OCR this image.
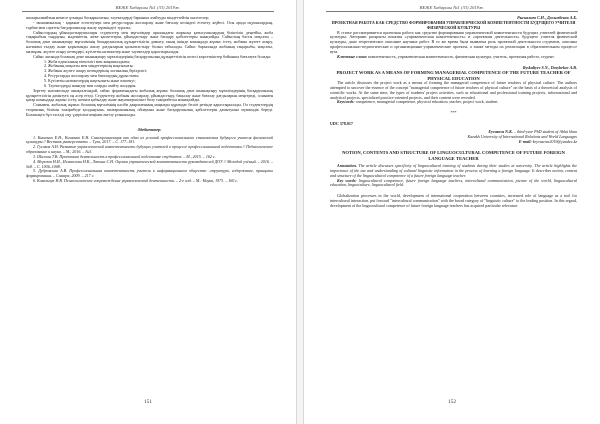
ВЕЖЕ Хабаршы №1 (33) 2019ж.

жасырылмайтын немесе ұтымды басқарылатын, тәуекелдерді барынша азайтуды міндеттейтін мәселелер;

- экономикалық - қаражат есептеулері мен ресурстарды жоспарлау және бағалау кезіндегі есептеу жүйесі. Осы арада оқушылардың, тәрбие мен сауатты бағдарламалар жасау мүмкіндігі туралы;

Сайыстардың ұйымдастырушылары студенттер мен мұғалімдер арасындағы жарысқа қатысушылардың біліктілік деңгейін, жоба тақырыбын таңдауын, мәдениетін, жеке қасиеттерін, ұйымдастыру және басқару қабілеттерін анықтайды. Сайыстың басты мақсаты – болашақ дене шынықтыру мұғалімінің басқарушылық құзыреттілігін дамыту, оның ішінде командада жұмыс істеу, жобаны жүзеге асыру, нәтижені талдау және қорытынды жасау дағдыларын қалыптастыру болып табылады. Сайыс барысында жобаның тақырыбы, мақсаты, мазмұны, жүзеге асыру кезеңдері, күтілетін нәтижелер және тәуекелдер қарастырылады.

Сайыс аясында болашақ дене шынықтыру мұғалімдерінің басқарушылық құзыреттілігін келесі көрсеткіштер бойынша бағалауға болады:

1. Жоба идеясының өзектілігі мен жаңашылдығы;
2. Жобаның мақсаты мен міндеттерінің нақтылығы;
3. Жобаны жүзеге асыру кезеңдерінің логикалық бірізділігі;
4. Ресурстарды жоспарлау мен бағалаудың дұрыстығы;
5. Күтілетін нәтижелердің нақтылығы және өлшенуі;
6. Тәуекелдерді анықтау мен оларды азайту жолдары.

Зерттеу нәтижесінде анықталғандай, сайыс форматындағы жобалық жұмыс болашақ дене шынықтыру мұғалімдерінің басқарушылық құзыреттілігін дамытуға оң әсер етеді. Студенттер жобаны жоспарлау, ұйымдастыру, бақылау және бағалау дағдыларын меңгереді, сонымен қатар командада жұмыс істеу, шешім қабылдау және жауапкершілікті бөлу тәжірибесін жинақтайды.

Сонымен, жобалық жұмыс болашақ мұғалімнің кәсіби даярлығының маңызды құрамдас бөлігі ретінде қарастырылады. Ол студенттердің теориялық білімін тәжірибеде қолдануына, шығармашылық ойлауына және басқарушылық қабілеттерін дамытуына мүмкіндік береді. Болашақта бұл тәсілді оқу үдерісіне кеңінен енгізу ұсынылады.

Әдебиеттер:

1. Кишенко Е.Н., Кишенко Е.Н. Самоорганизация как одно из условий профессионального становления будущего учителя физической культуры // Вестник университета. – Тула, 2017. – С. 177–181.

2. Гусаков А.Н. Развитие управленческой компетентности будущих учителей в процессе профессиональной подготовки // Педагогическое образование и наука. – М., 2016. – №3.

3. Шилова Т.В. Проектная деятельность в профессиональной подготовке студентов. – М., 2015. – 162 с.

4. Морозов Н.И., Исмаилова Н.К., Лапина С.Н. Оценка управленческой компетентности руководителей ДОУ // Молодой учёный. – 2016. – №8. – С. 1006–1008.

5. Дубровская А.В. Профессиональная компетентность учителя в информационном обществе: структура, содержание, принципы формирования. – Самара, 2009. – 217 с.

6. Ковальчук Н.В. Психологическое сопровождение управленческой деятельности. – 2-е изд. – М.: Наука, 1973. – 160 с.

151
ВЕЖЕ Хабаршы №1 (33) 2019ж.

Рыскалиев С.Н., Досымбеков А.Б.

ПРОЕКТНАЯ РАБОТА КАК СРЕДСТВО ФОРМИРОВАНИЯ УПРАВЛЕНЧЕСКОЙ КОМПЕТЕНТНОСТИ БУДУЩЕГО УЧИТЕЛЯ ФИЗИЧЕСКОЙ КУЛЬТУРЫ

В статье рассматривается проектная работа как средство формирования управленческой компетентности будущих учителей физической культуры. Авторами раскрыты понятия «управленческая компетентность» и «проектная деятельность» будущего учителя физической культуры, дано теоретическое описание научных работ. В то же время была выявлена роль проектной деятельности студентов, описаны профессионально-педагогические и организационно-управленческие проекты, а также методы их реализации в образовательном процессе вуза.

Ключевые слова: компетентность, управленческая компетентность, физическая культура, учитель, проектная работа, студент.

Ryskaliyev S.N., Dosybekov A.B.

PROJECT WORK AS A MEANS OF FORMING MANAGERIAL COMPETENCE OF THE FUTURE TEACHER OF PHYSICAL EDUCATION

The article discusses the project work as a means of forming the managerial competence of future teachers of physical culture. The authors attempted to uncover the essence of the concept "managerial competence of future teachers of physical culture" on the basis of a theoretical analysis of scientific works. At the same time, the types of students' project activities, such as educational and professional training projects, informational and analytical projects, specialized practice-oriented projects, and their content were revealed.

Keywords: competence, managerial competence, physical education, teacher, project work, student.

***

UDC 378.017

Eyvazova N.K. – third-year PhD student of Ablai khan

Kazakh University of International Relations and World Languages

E-mail: keyvazova2019@yandex.kz

NOTION, CONTENTS AND STRUCTURE OF LINGUOCULTURAL COMPETENCE OF FUTURE FOREIGN LANGUAGE TEACHER

Annotation. The article discusses specificity of linguocultural training of students during their studies at university. The article highlights the importance of the use and understanding of cultural linguistic information in the process of learning a foreign language. It describes notion, content and structure of the linguocultural competence of a future foreign language teacher.

Key words: linguocultural competence, future foreign language teachers, intercultural communication, picture of the world, linguocultural education, linguoculture, linguocultural field.

Globalization processes in the world, development of international cooperation between countries, increased role of language as a tool for intercultural interaction, put forward "intercultural communication" with the broad category of "linguistic culture" to the leading position. In this regard, development of the linguocultural competence of future foreign language teachers has acquired particular relevance.

152
